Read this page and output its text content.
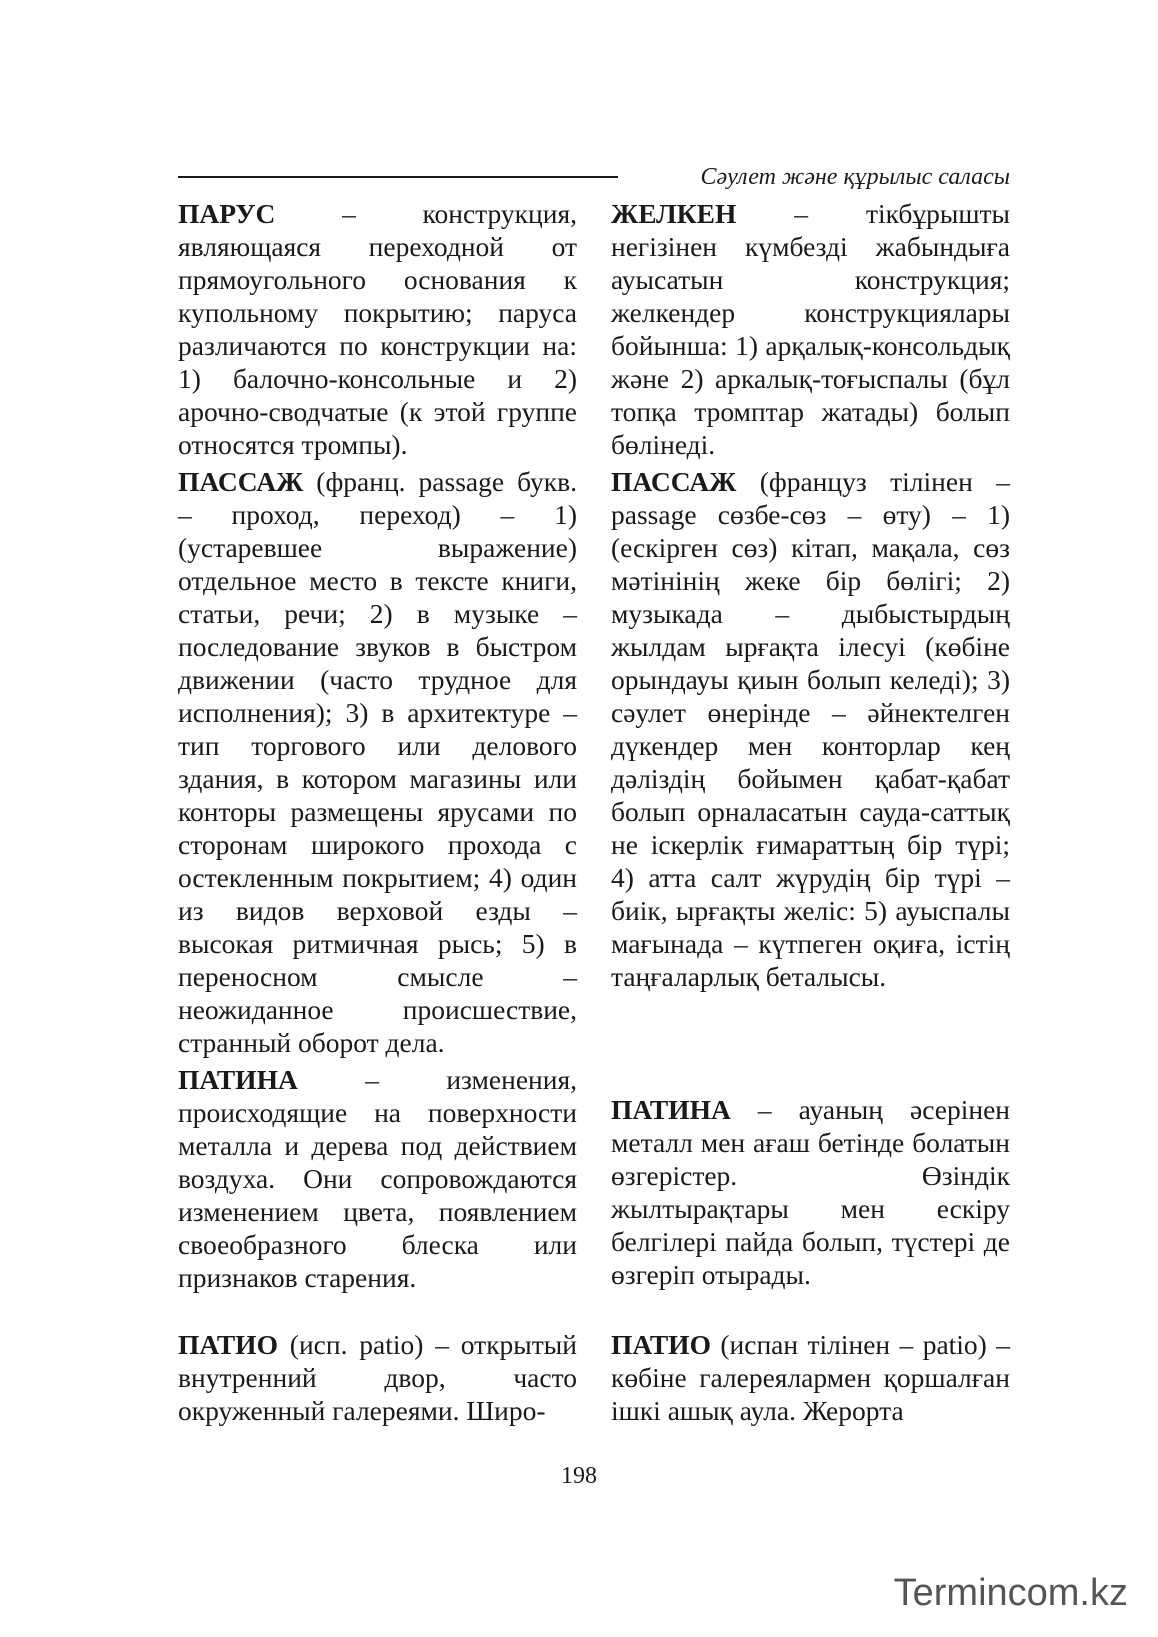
Сәулет және құрылыс саласы

ПАРУС – конструкция, являющаяся переходной от прямоугольного основания к купольному покрытию; паруса различаются по конструкции на: 1) балочно-консольные и 2) арочно-сводчатые (к этой группе относятся тромпы).

ЖЕЛКЕН – тікбұрышты негізінен күмбезді жабындыға ауысатын конструкция; желкендер конструкциялары бойынша: 1) арқалық-консольдық және 2) аркалық-тоғыспалы (бұл топқа тромптар жатады) болып бөлінеді.

ПАССАЖ (франц. passage букв. – проход, переход) – 1) (устаревшее выражение) отдельное место в тексте книги, статьи, речи; 2) в музыке – последование звуков в быстром движении (часто трудное для исполнения); 3) в архитектуре – тип торгового или делового здания, в котором магазины или конторы размещены ярусами по сторонам широкого прохода с остекленным покрытием; 4) один из видов верховой езды – высокая ритмичная рысь; 5) в переносном смысле – неожиданное происшествие, странный оборот дела.

ПАССАЖ (француз тілінен – passage сөзбе-сөз – өту) – 1) (ескірген сөз) кітап, мақала, сөз мәтінінің жеке бір бөлігі; 2) музыкада – дыбыстырдың жылдам ырғақта ілесуі (көбіне орындауы қиын болып келеді); 3) сәулет өнерінде – әйнектелген дүкендер мен конторлар кең дәліздің бойымен қабат-қабат болып орналасатын сауда-саттық не іскерлік ғимараттың бір түрі; 4) атта салт жүрудің бір түрі – биік, ырғақты желіс: 5) ауыспалы мағынада – күтпеген оқиға, істің таңғаларлық беталысы.

ПАТИНА – изменения, происходящие на поверхности металла и дерева под действием воздуха. Они сопровождаются изменением цвета, появлением своеобразного блеска или признаков старения.

ПАТИНА – ауаның әсерінен металл мен ағаш бетінде болатын өзгерістер. Өзіндік жылтырақтары мен ескіру белгілері пайда болып, түстері де өзгеріп отырады.

ПАТИО (исп. patio) – открытый внутренний двор, часто окруженный галереями. Широ-

ПАТИО (испан тілінен – patio) – көбіне галереялармен қоршалған ішкі ашық аула. Жерорта

198
Termincom.kz
